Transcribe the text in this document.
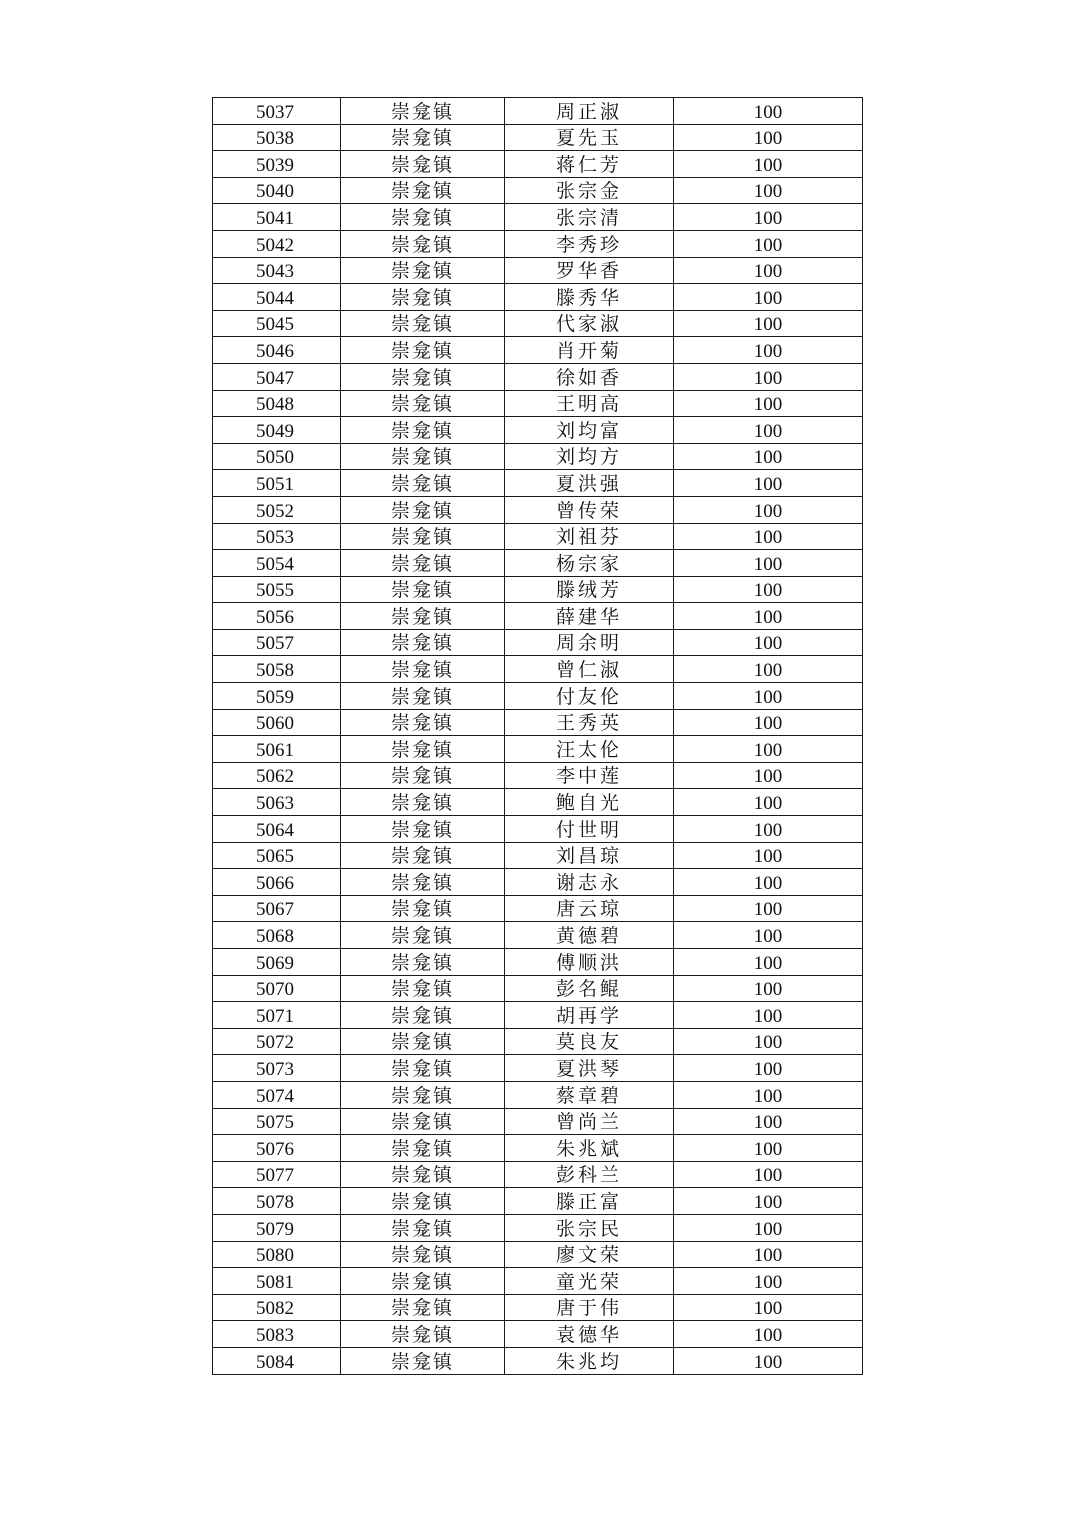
5037	崇龛镇	周正淑	100
5038	崇龛镇	夏先玉	100
5039	崇龛镇	蒋仁芳	100
5040	崇龛镇	张宗金	100
5041	崇龛镇	张宗清	100
5042	崇龛镇	李秀珍	100
5043	崇龛镇	罗华香	100
5044	崇龛镇	滕秀华	100
5045	崇龛镇	代家淑	100
5046	崇龛镇	肖开菊	100
5047	崇龛镇	徐如香	100
5048	崇龛镇	王明高	100
5049	崇龛镇	刘均富	100
5050	崇龛镇	刘均方	100
5051	崇龛镇	夏洪强	100
5052	崇龛镇	曾传荣	100
5053	崇龛镇	刘祖芬	100
5054	崇龛镇	杨宗家	100
5055	崇龛镇	滕绒芳	100
5056	崇龛镇	薛建华	100
5057	崇龛镇	周余明	100
5058	崇龛镇	曾仁淑	100
5059	崇龛镇	付友伦	100
5060	崇龛镇	王秀英	100
5061	崇龛镇	汪太伦	100
5062	崇龛镇	李中莲	100
5063	崇龛镇	鲍自光	100
5064	崇龛镇	付世明	100
5065	崇龛镇	刘昌琼	100
5066	崇龛镇	谢志永	100
5067	崇龛镇	唐云琼	100
5068	崇龛镇	黄德碧	100
5069	崇龛镇	傅顺洪	100
5070	崇龛镇	彭名鲲	100
5071	崇龛镇	胡再学	100
5072	崇龛镇	莫良友	100
5073	崇龛镇	夏洪琴	100
5074	崇龛镇	蔡章碧	100
5075	崇龛镇	曾尚兰	100
5076	崇龛镇	朱兆斌	100
5077	崇龛镇	彭科兰	100
5078	崇龛镇	滕正富	100
5079	崇龛镇	张宗民	100
5080	崇龛镇	廖文荣	100
5081	崇龛镇	童光荣	100
5082	崇龛镇	唐于伟	100
5083	崇龛镇	袁德华	100
5084	崇龛镇	朱兆均	100
